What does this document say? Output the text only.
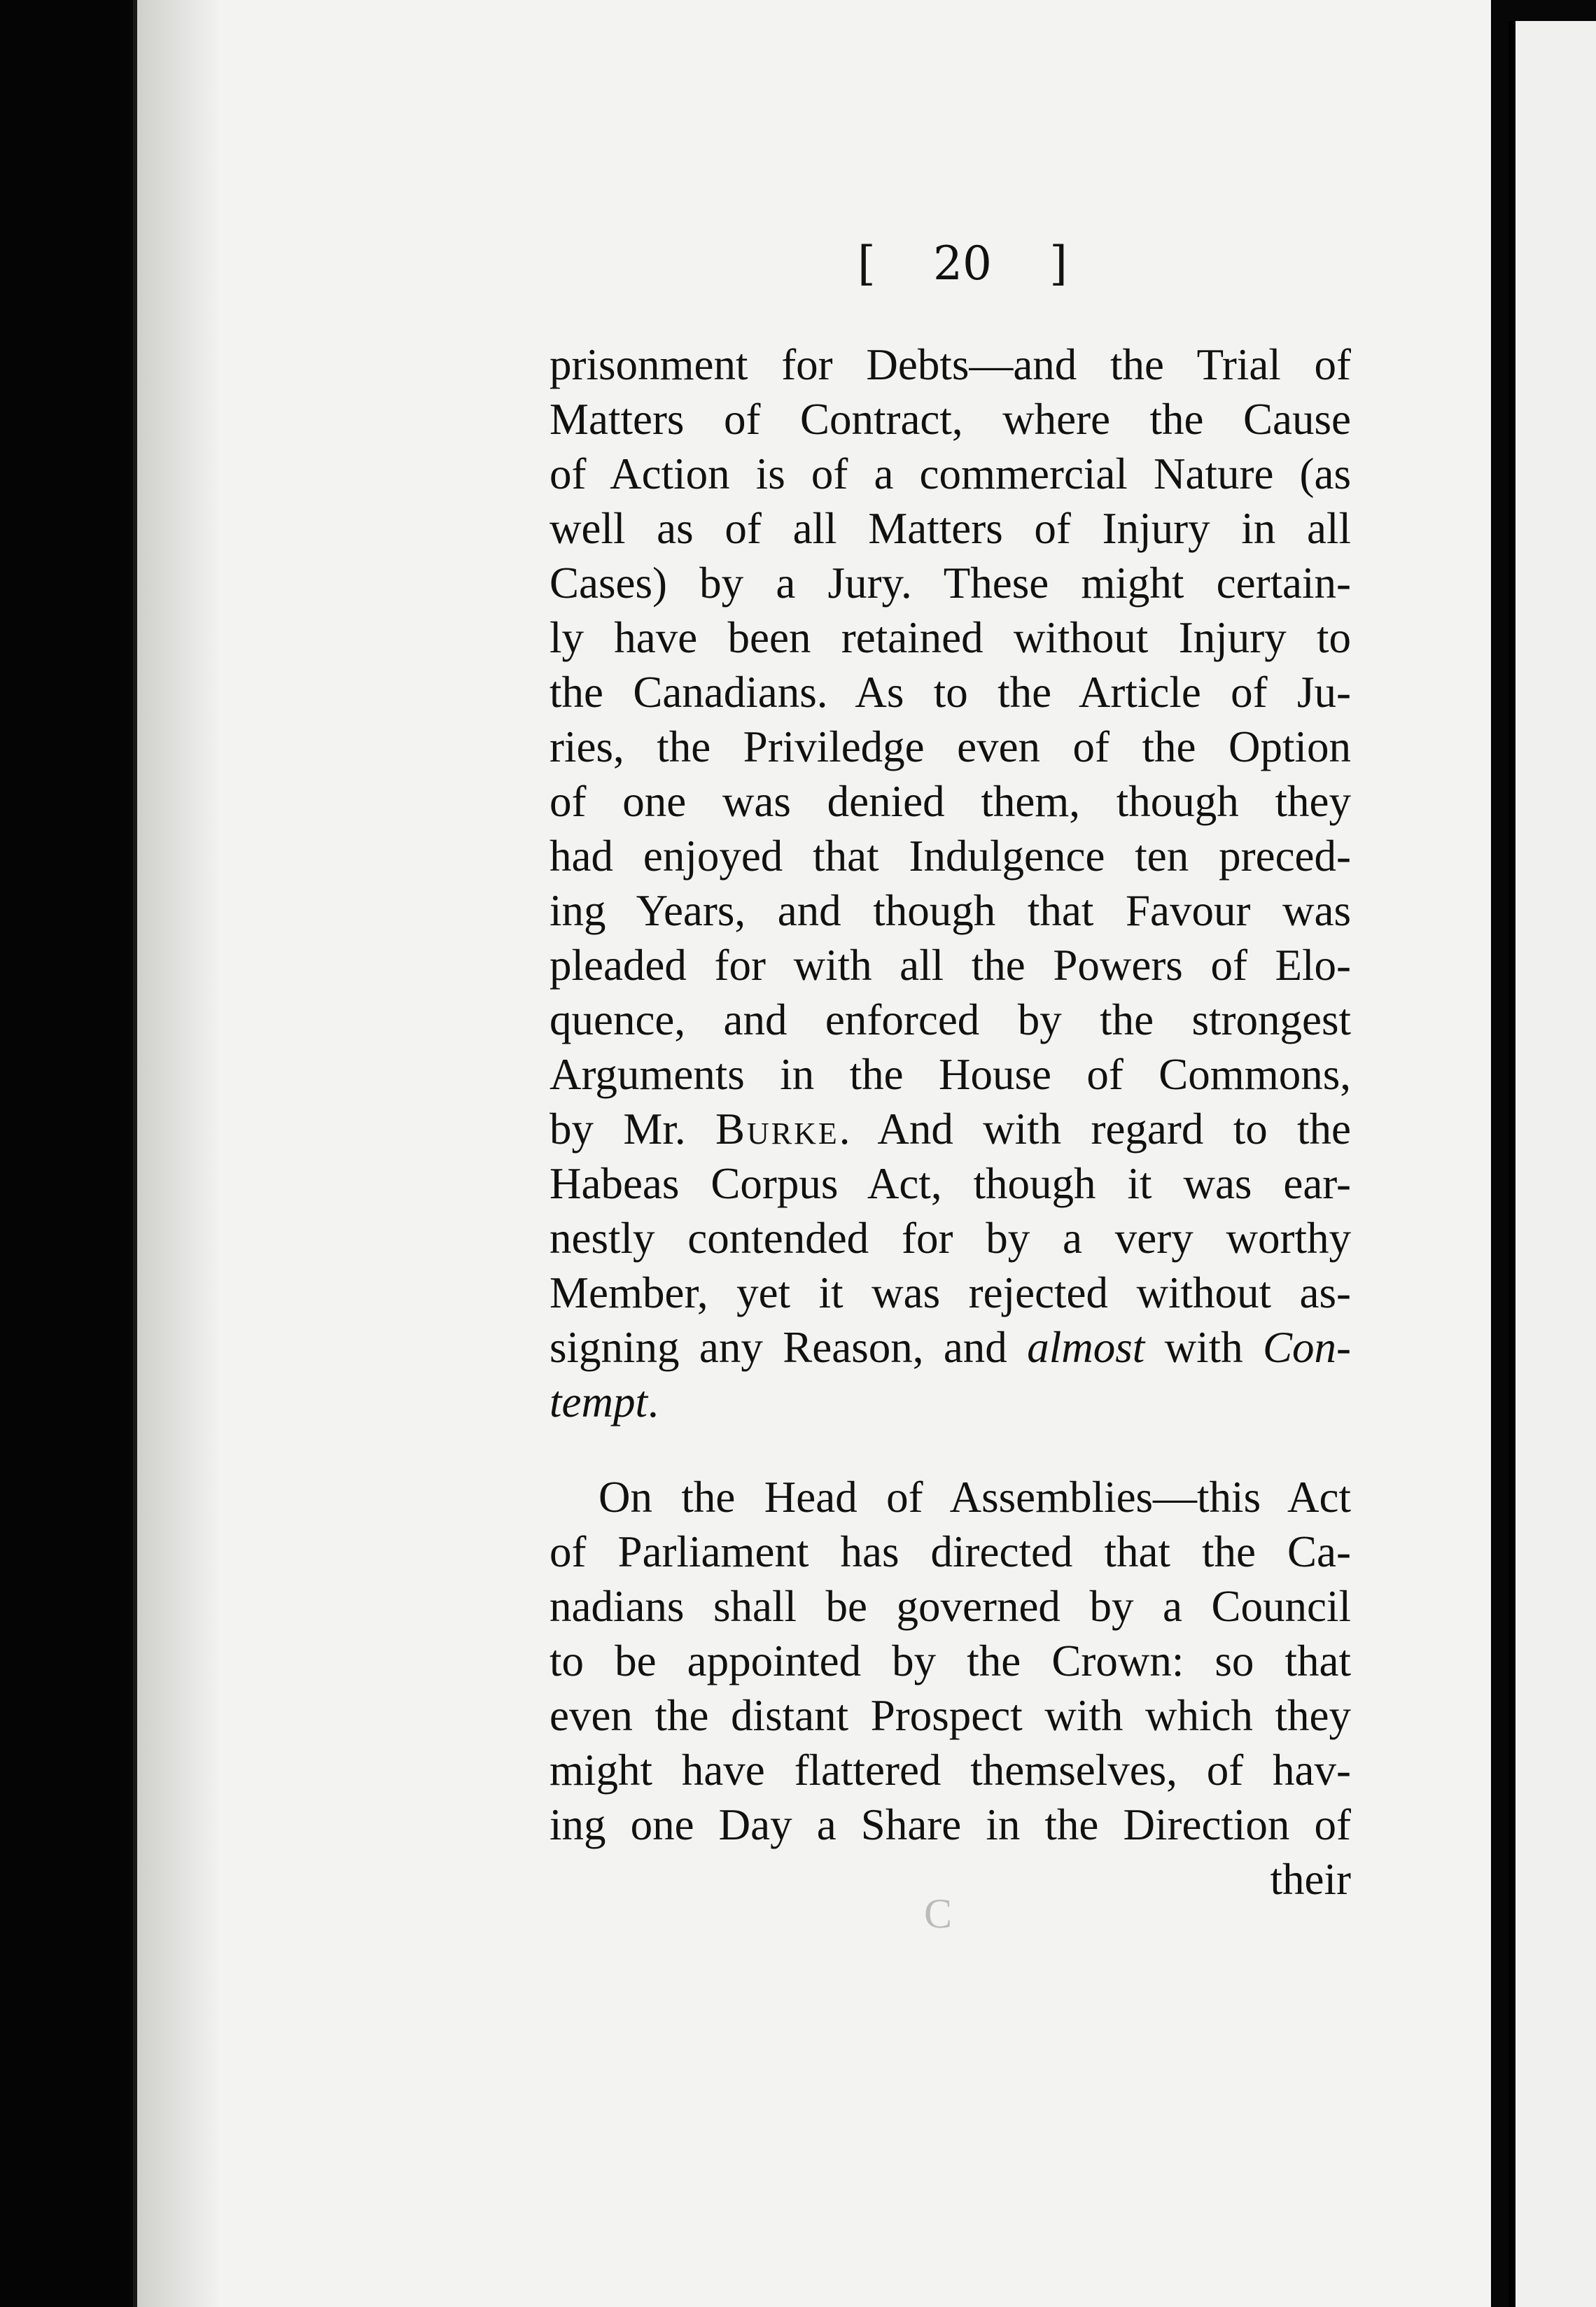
[ 20 ]
prisonment for Debts—and the Trial of
Matters of Contract, where the Cause
of Action is of a commercial Nature (as
well as of all Matters of Injury in all
Cases) by a Jury. These might certain-
ly have been retained without Injury to
the Canadians. As to the Article of Ju-
ries, the Priviledge even of the Option
of one was denied them, though they
had enjoyed that Indulgence ten preced-
ing Years, and though that Favour was
pleaded for with all the Powers of Elo-
quence, and enforced by the strongest
Arguments in the House of Commons,
by Mr. Burke. And with regard to the
Habeas Corpus Act, though it was ear-
nestly contended for by a very worthy
Member, yet it was rejected without as-
signing any Reason, and almost with Con-
tempt.
On the Head of Assemblies—this Act
of Parliament has directed that the Ca-
nadians shall be governed by a Council
to be appointed by the Crown: so that
even the distant Prospect with which they
might have flattered themselves, of hav-
ing one Day a Share in the Direction of
their
C
